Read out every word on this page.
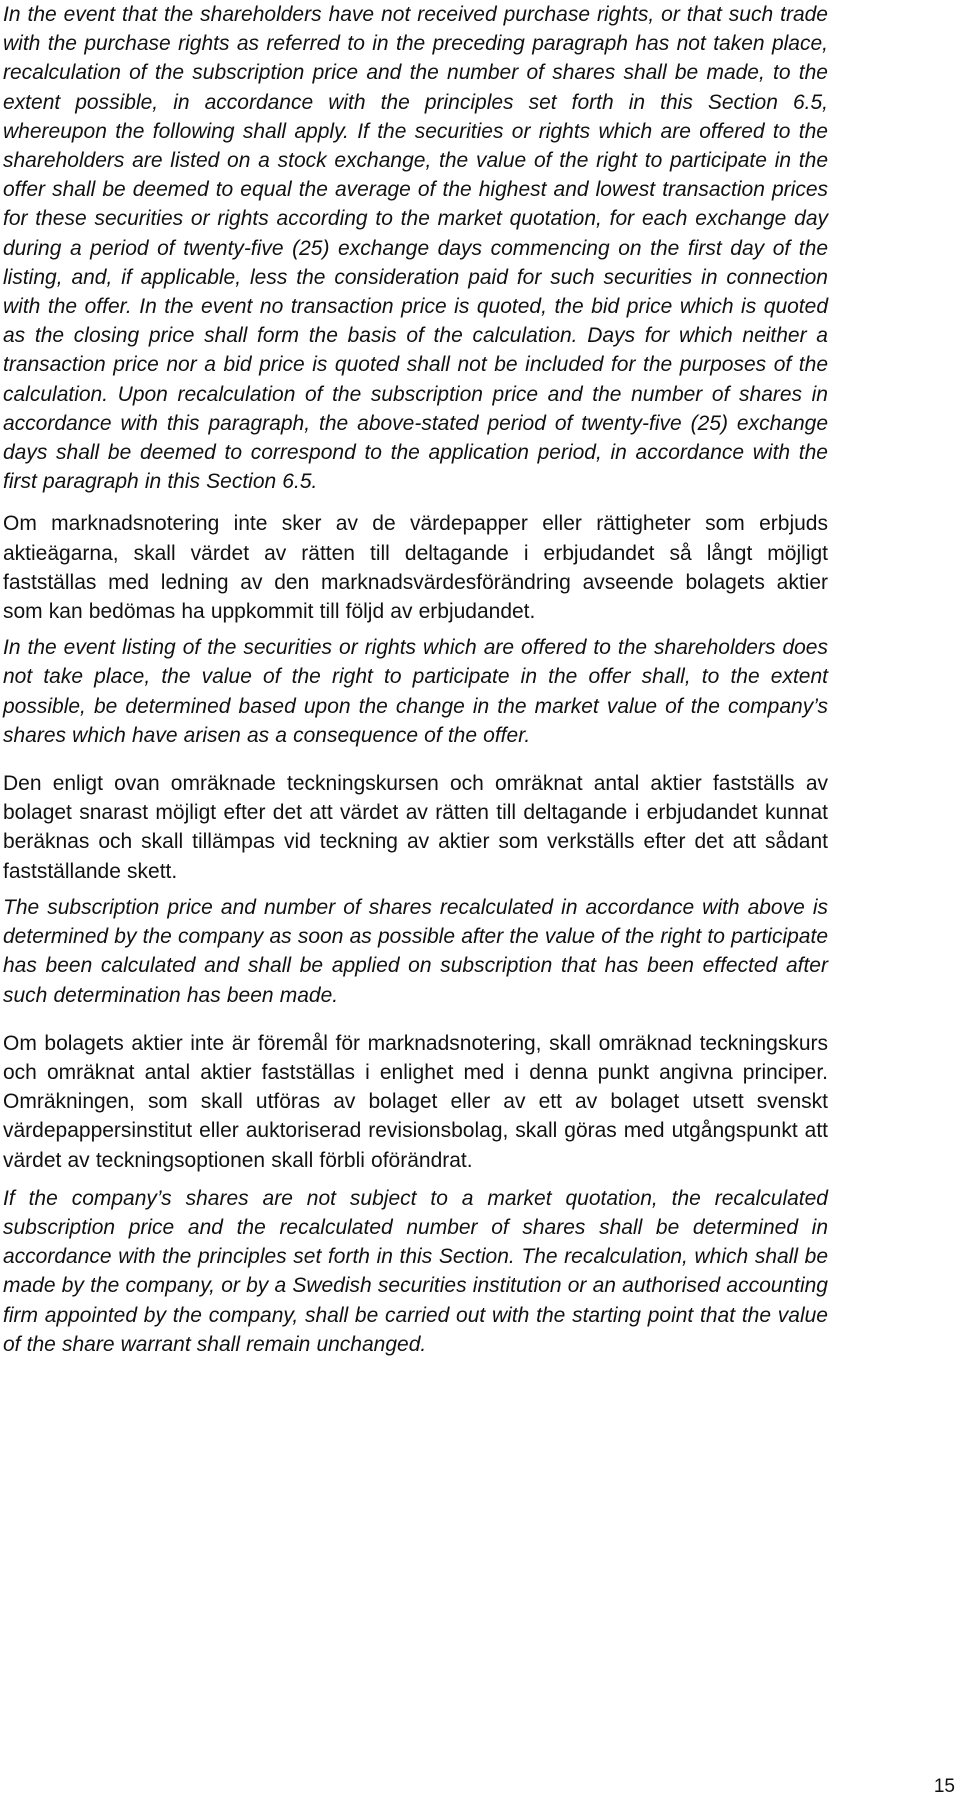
In the event that the shareholders have not received purchase rights, or that such trade with the purchase rights as referred to in the preceding paragraph has not taken place, recalculation of the subscription price and the number of shares shall be made, to the extent possible, in accordance with the principles set forth in this Section 6.5, whereupon the following shall apply. If the securities or rights which are offered to the shareholders are listed on a stock exchange, the value of the right to participate in the offer shall be deemed to equal the average of the highest and lowest transaction prices for these securities or rights according to the market quotation, for each exchange day during a period of twenty-five (25) exchange days commencing on the first day of the listing, and, if applicable, less the consideration paid for such securities in connection with the offer. In the event no transaction price is quoted, the bid price which is quoted as the closing price shall form the basis of the calculation. Days for which neither a transaction price nor a bid price is quoted shall not be included for the purposes of the calculation. Upon recalculation of the subscription price and the number of shares in accordance with this paragraph, the above-stated period of twenty-five (25) exchange days shall be deemed to correspond to the application period, in accordance with the first paragraph in this Section 6.5.

Om marknadsnotering inte sker av de värdepapper eller rättigheter som erbjuds aktieägarna, skall värdet av rätten till deltagande i erbjudandet så långt möjligt fastställas med ledning av den marknadsvärdesförändring avseende bolagets aktier som kan bedömas ha uppkommit till följd av erbjudandet.

In the event listing of the securities or rights which are offered to the shareholders does not take place, the value of the right to participate in the offer shall, to the extent possible, be determined based upon the change in the market value of the company’s shares which have arisen as a consequence of the offer.

Den enligt ovan omräknade teckningskursen och omräknat antal aktier fastställs av bolaget snarast möjligt efter det att värdet av rätten till deltagande i erbjudandet kunnat beräknas och skall tillämpas vid teckning av aktier som verkställs efter det att sådant fastställande skett.

The subscription price and number of shares recalculated in accordance with above is determined by the company as soon as possible after the value of the right to participate has been calculated and shall be applied on subscription that has been effected after such determination has been made.

Om bolagets aktier inte är föremål för marknadsnotering, skall omräknad teckningskurs och omräknat antal aktier fastställas i enlighet med i denna punkt angivna principer. Omräkningen, som skall utföras av bolaget eller av ett av bolaget utsett svenskt värdepappersinstitut eller auktoriserad revisionsbolag, skall göras med utgångspunkt att värdet av teckningsoptionen skall förbli oförändrat.

If the company’s shares are not subject to a market quotation, the recalculated subscription price and the recalculated number of shares shall be determined in accordance with the principles set forth in this Section. The recalculation, which shall be made by the company, or by a Swedish securities institution or an authorised accounting firm appointed by the company, shall be carried out with the starting point that the value of the share warrant shall remain unchanged.

15
